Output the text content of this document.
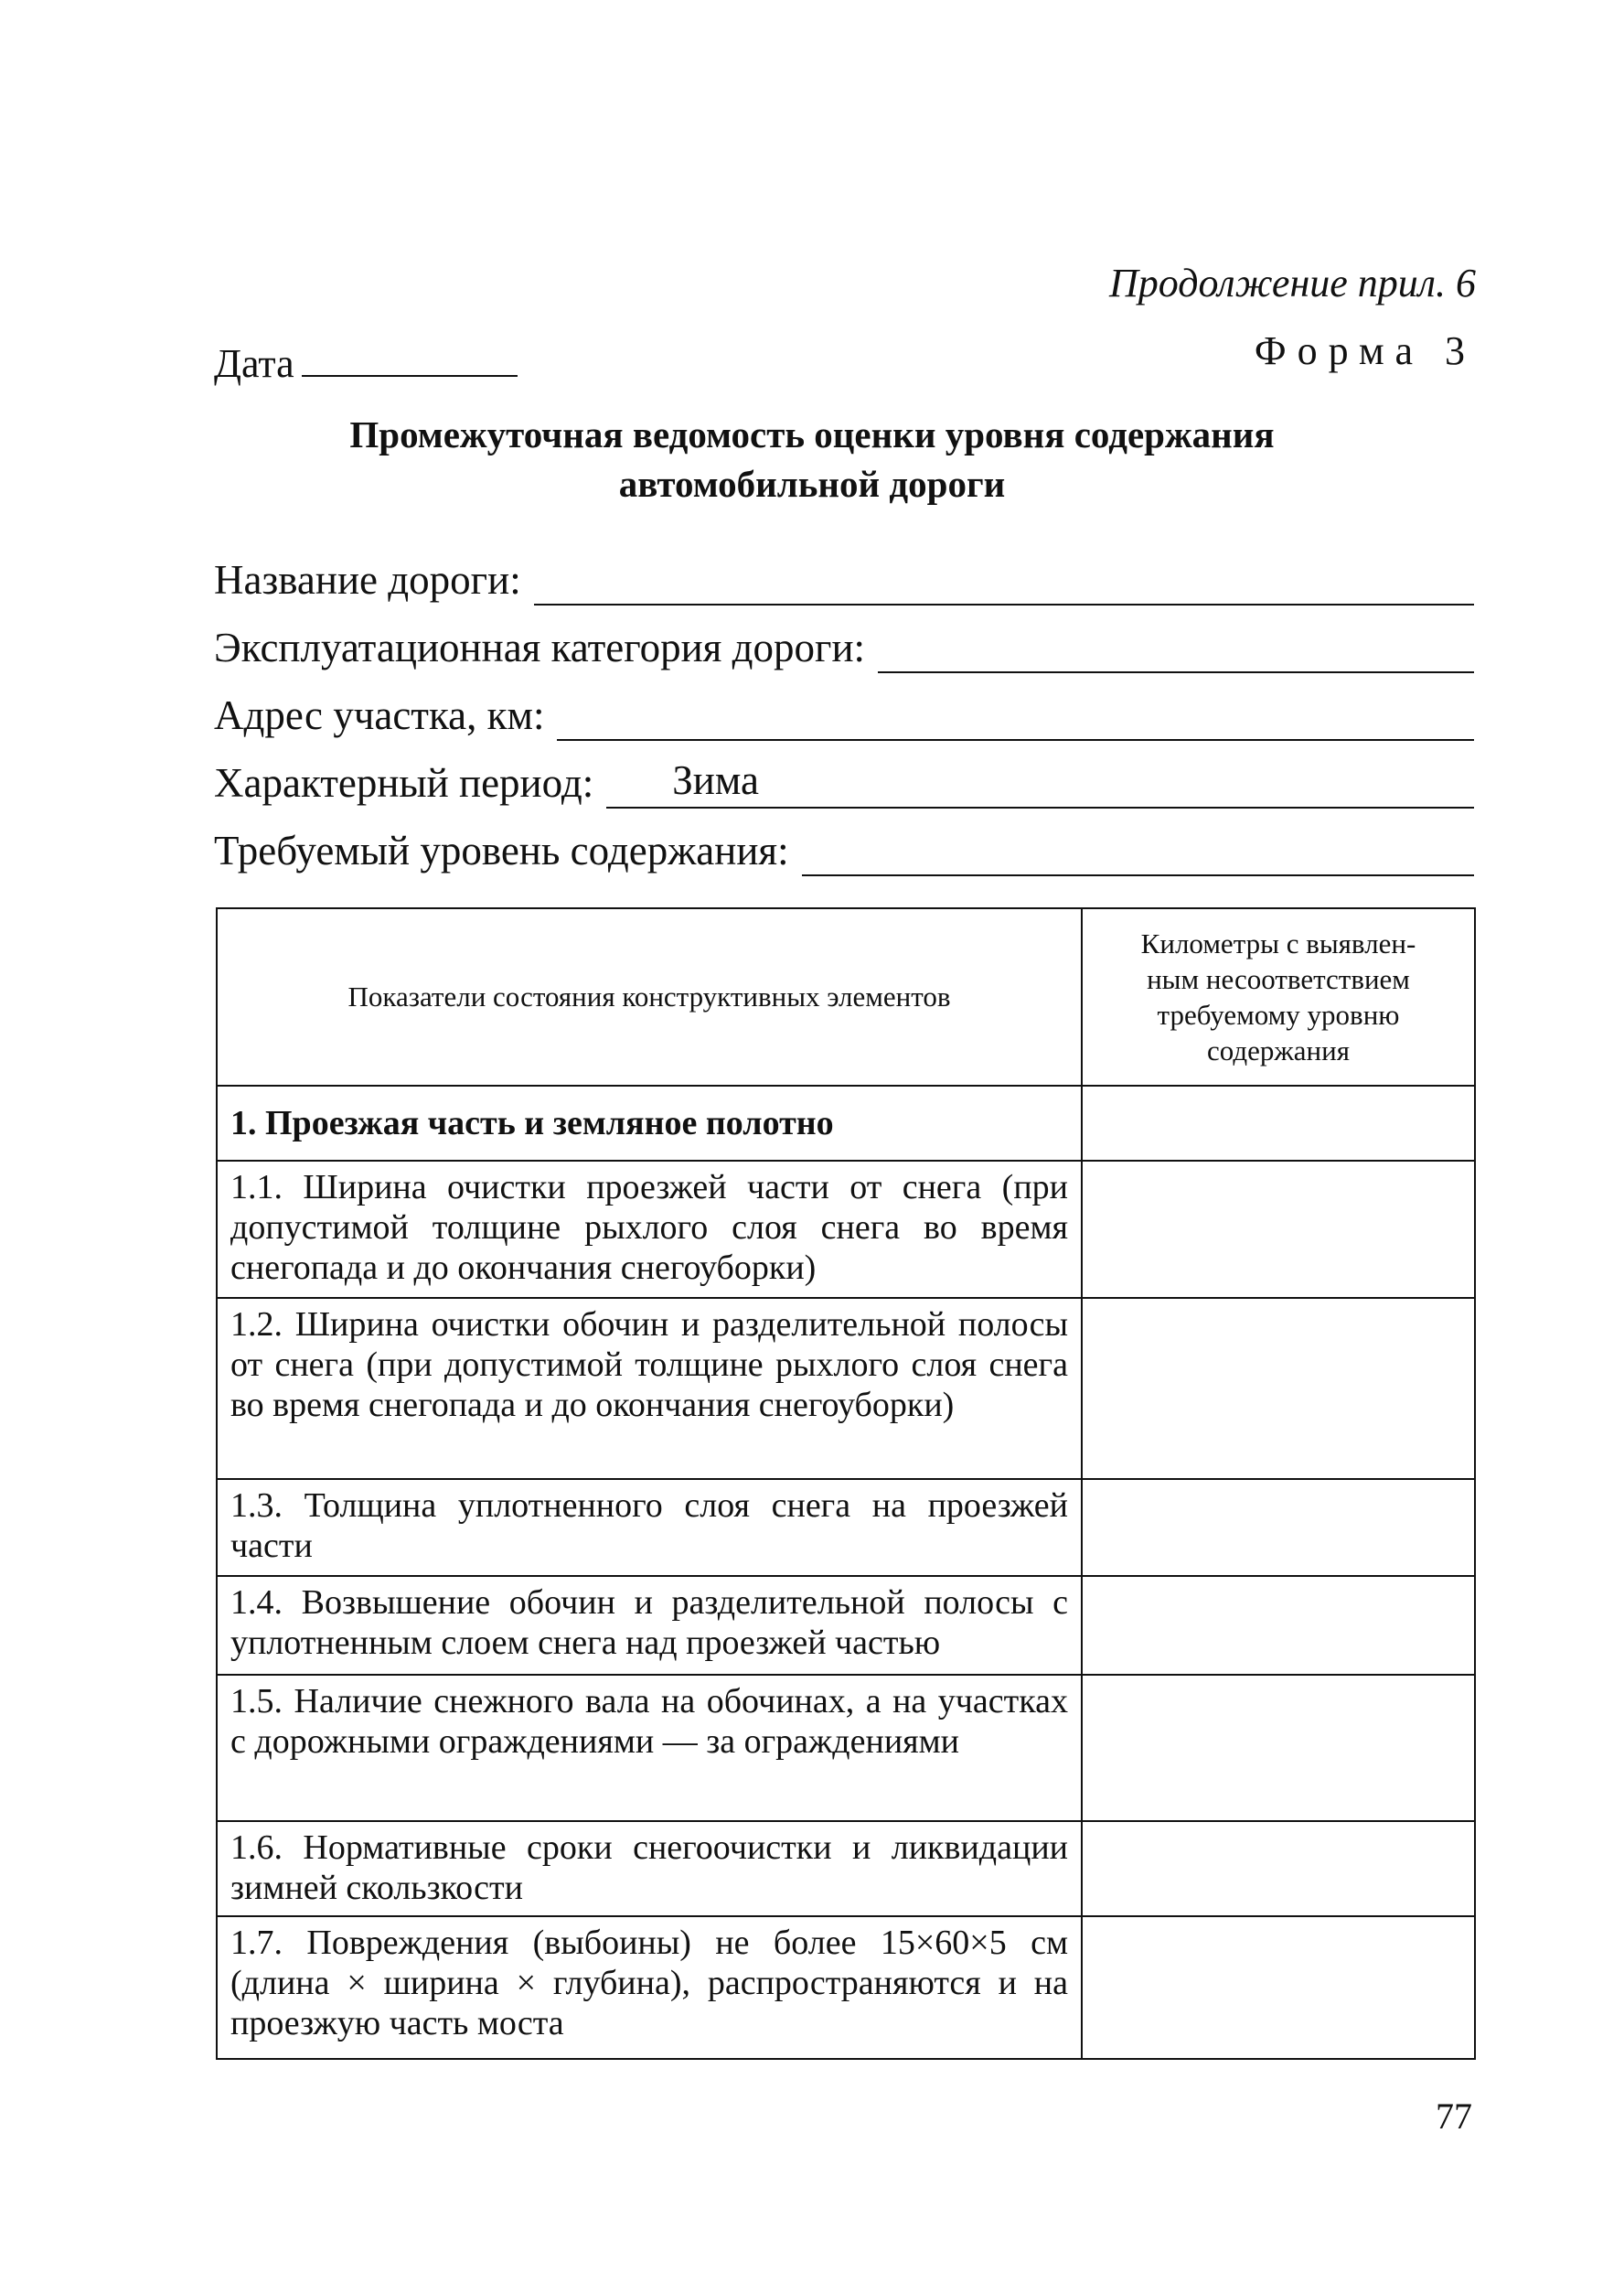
Продолжение прил. 6
Форма 3
Дата
Промежуточная ведомость оценки уровня содержания
автомобильной дороги
Название дороги:
Эксплуатационная категория дороги:
Адрес участка, км:
Характерный период: Зима
Требуемый уровень содержания:
Показатели состояния конструктивных элементов	Километры с выявлен-
ным несоответствием
требуемому уровню
содержания

1. Проезжая часть и земляное полотно	
1.1. Ширина очистки проезжей части от снега (при допустимой толщине рыхлого слоя снега во время снегопада и до окончания снегоуборки)	
1.2. Ширина очистки обочин и разделительной полосы от снега (при допустимой толщине рыхлого слоя снега во время снегопада и до окончания снегоуборки)	
1.3. Толщина уплотненного слоя снега на проезжей части	
1.4. Возвышение обочин и разделительной полосы с уплотненным слоем снега над проезжей частью	
1.5. Наличие снежного вала на обочинах, а на участках с дорожными ограждениями — за ограждениями	
1.6. Нормативные сроки снегоочистки и ликвидации зимней скользкости	
1.7. Повреждения (выбоины) не более 15×60×5 см (длина × ширина × глубина), распространяются и на проезжую часть моста	
77
